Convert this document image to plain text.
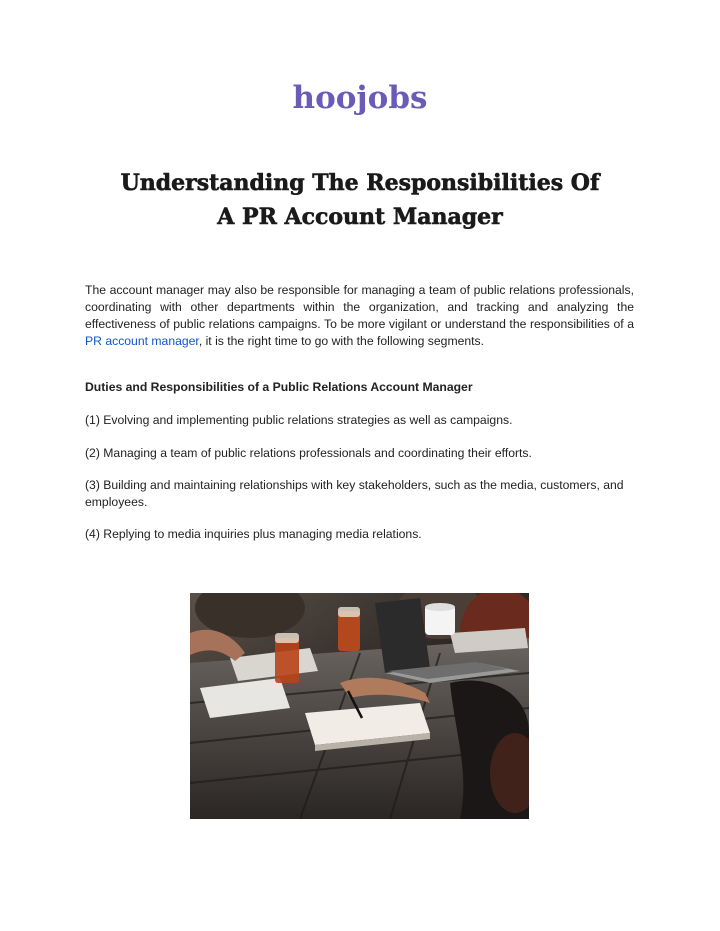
hoojobs
Understanding The Responsibilities Of
A PR Account Manager
The account manager may also be responsible for managing a team of public relations professionals, coordinating with other departments within the organization, and tracking and analyzing the effectiveness of public relations campaigns. To be more vigilant or understand the responsibilities of a PR account manager, it is the right time to go with the following segments.
Duties and Responsibilities of a Public Relations Account Manager
(1) Evolving and implementing public relations strategies as well as campaigns.
(2) Managing a team of public relations professionals and coordinating their efforts.
(3) Building and maintaining relationships with key stakeholders, such as the media, customers, and employees.
(4) Replying to media inquiries plus managing media relations.
